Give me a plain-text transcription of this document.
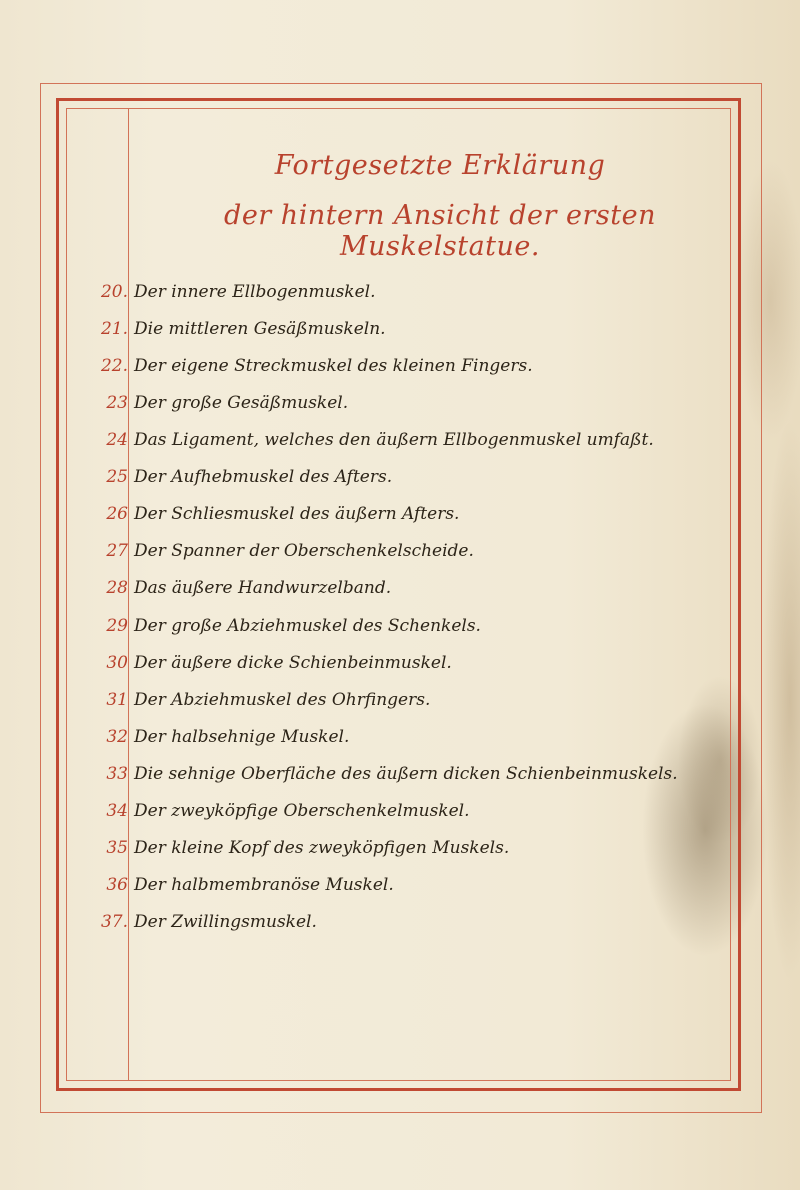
Fortgesetzte Erklärung
der hintern Ansicht der ersten Muskelstatue.
20. Der innere Ellbogenmuskel.
21. Die mittleren Gesäßmuskeln.
22. Der eigene Streckmuskel des kleinen Fingers.
23 Der große Gesäßmuskel.
24 Das Ligament, welches den äußern Ellbogenmuskel umfaßt.
25 Der Aufhebmuskel des Afters.
26 Der Schliesmuskel des äußern Afters.
27 Der Spanner der Oberschenkelscheide.
28 Das äußere Handwurzelband.
29 Der große Abziehmuskel des Schenkels.
30 Der äußere dicke Schienbeinmuskel.
31 Der Abziehmuskel des Ohrfingers.
32 Der halbsehnige Muskel.
33 Die sehnige Oberfläche des äußern dicken Schienbeinmuskels.
34 Der zweyköpfige Oberschenkelmuskel.
35 Der kleine Kopf des zweyköpfigen Muskels.
36 Der halbmembranöse Muskel.
37. Der Zwillingsmuskel.
